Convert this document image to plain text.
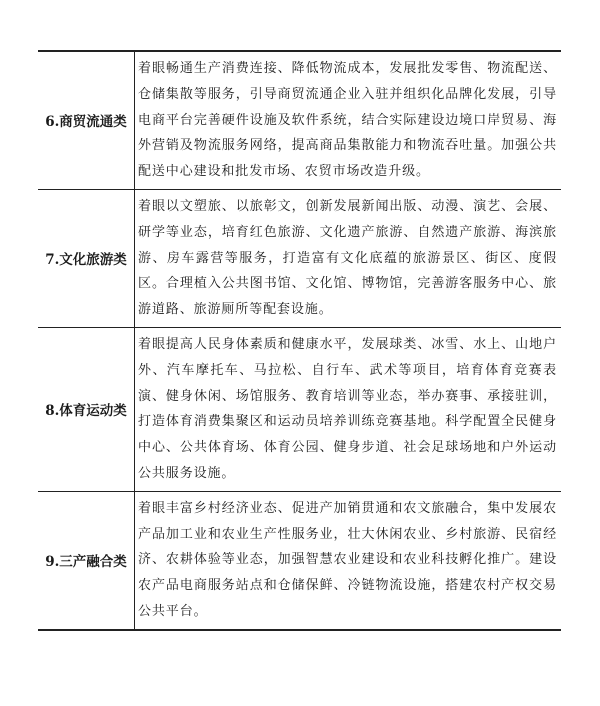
6.商贸流通类	着眼畅通生产消费连接、降低物流成本，发展批发零售、物流配送、仓储集散等服务，引导商贸流通企业入驻并组织化品牌化发展，引导电商平台完善硬件设施及软件系统，结合实际建设边境口岸贸易、海外营销及物流服务网络，提高商品集散能力和物流吞吐量。加强公共配送中心建设和批发市场、农贸市场改造升级。
7.文化旅游类	着眼以文塑旅、以旅彰文，创新发展新闻出版、动漫、演艺、会展、研学等业态，培育红色旅游、文化遗产旅游、自然遗产旅游、海滨旅游、房车露营等服务，打造富有文化底蕴的旅游景区、街区、度假区。合理植入公共图书馆、文化馆、博物馆，完善游客服务中心、旅游道路、旅游厕所等配套设施。
8.体育运动类	着眼提高人民身体素质和健康水平，发展球类、冰雪、水上、山地户外、汽车摩托车、马拉松、自行车、武术等项目，培育体育竞赛表演、健身休闲、场馆服务、教育培训等业态，举办赛事、承接驻训，打造体育消费集聚区和运动员培养训练竞赛基地。科学配置全民健身中心、公共体育场、体育公园、健身步道、社会足球场地和户外运动公共服务设施。
9.三产融合类	着眼丰富乡村经济业态、促进产加销贯通和农文旅融合，集中发展农产品加工业和农业生产性服务业，壮大休闲农业、乡村旅游、民宿经济、农耕体验等业态，加强智慧农业建设和农业科技孵化推广。建设农产品电商服务站点和仓储保鲜、冷链物流设施，搭建农村产权交易公共平台。
